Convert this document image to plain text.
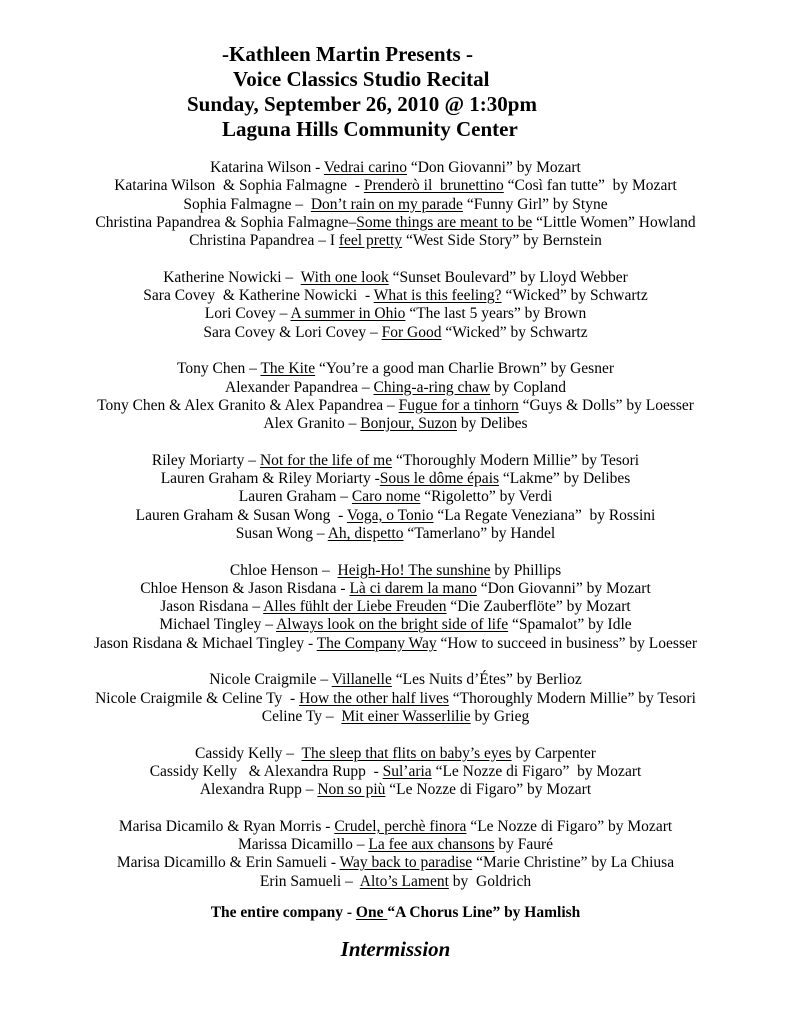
-Kathleen Martin Presents -
Voice Classics Studio Recital
Sunday, September 26, 2010 @ 1:30pm
Laguna Hills Community Center
Katarina Wilson - Vedrai carino “Don Giovanni” by Mozart
Katarina Wilson  & Sophia Falmagne  - Prenderò il  brunettino “Così fan tutte”  by Mozart
Sophia Falmagne –  Don’t rain on my parade “Funny Girl” by Styne
Christina Papandrea & Sophia Falmagne–Some things are meant to be “Little Women” Howland
Christina Papandrea – I feel pretty “West Side Story” by Bernstein
Katherine Nowicki –  With one look “Sunset Boulevard” by Lloyd Webber
Sara Covey  & Katherine Nowicki  - What is this feeling? “Wicked” by Schwartz
Lori Covey – A summer in Ohio “The last 5 years” by Brown
Sara Covey & Lori Covey – For Good “Wicked” by Schwartz
Tony Chen – The Kite “You’re a good man Charlie Brown” by Gesner
Alexander Papandrea – Ching-a-ring chaw by Copland
Tony Chen & Alex Granito & Alex Papandrea – Fugue for a tinhorn “Guys & Dolls” by Loesser
Alex Granito – Bonjour, Suzon by Delibes
Riley Moriarty – Not for the life of me “Thoroughly Modern Millie” by Tesori
Lauren Graham & Riley Moriarty -Sous le dôme épais “Lakme” by Delibes
Lauren Graham – Caro nome “Rigoletto” by Verdi
Lauren Graham & Susan Wong  - Voga, o Tonio “La Regate Veneziana”  by Rossini
Susan Wong – Ah, dispetto “Tamerlano” by Handel
Chloe Henson –  Heigh-Ho! The sunshine by Phillips
Chloe Henson & Jason Risdana - Là ci darem la mano “Don Giovanni” by Mozart
Jason Risdana – Alles fühlt der Liebe Freuden “Die Zauberflöte” by Mozart
Michael Tingley – Always look on the bright side of life “Spamalot” by Idle
Jason Risdana & Michael Tingley - The Company Way “How to succeed in business” by Loesser
Nicole Craigmile – Villanelle “Les Nuits d’Étes” by Berlioz
Nicole Craigmile & Celine Ty  - How the other half lives “Thoroughly Modern Millie” by Tesori
Celine Ty –  Mit einer Wasserlilie by Grieg
Cassidy Kelly –  The sleep that flits on baby’s eyes by Carpenter
Cassidy Kelly   & Alexandra Rupp  - Sul’aria “Le Nozze di Figaro”  by Mozart
Alexandra Rupp – Non so più “Le Nozze di Figaro” by Mozart
Marisa Dicamilo & Ryan Morris - Crudel, perchè finora “Le Nozze di Figaro” by Mozart
Marissa Dicamillo – La fee aux chansons by Fauré
Marisa Dicamillo & Erin Samueli - Way back to paradise “Marie Christine” by La Chiusa
Erin Samueli –  Alto’s Lament by  Goldrich
The entire company - One “A Chorus Line” by Hamlish
Intermission
